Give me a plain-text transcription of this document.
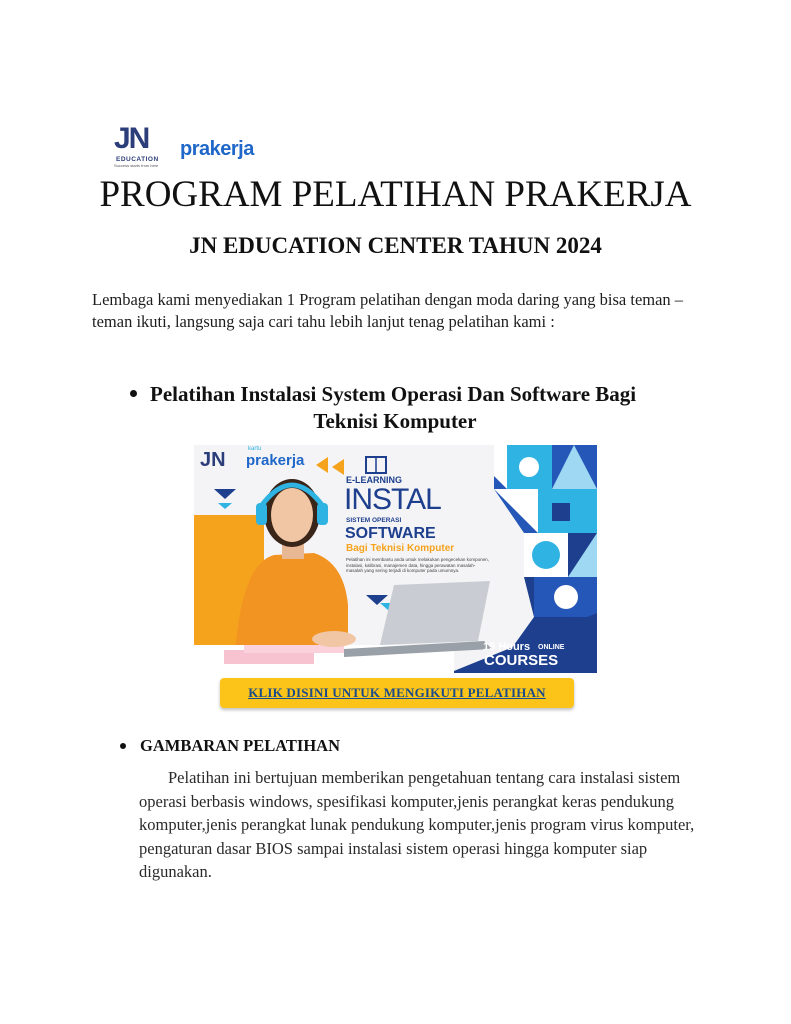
JN
EDUCATION
Success starts from here
prakerja
PROGRAM PELATIHAN PRAKERJA
JN EDUCATION CENTER TAHUN 2024
Lembaga kami menyediakan 1 Program pelatihan dengan moda daring yang bisa teman – teman ikuti, langsung saja cari tahu lebih lanjut tenag pelatihan kami :
Pelatihan Instalasi System Operasi Dan Software Bagi
Teknisi Komputer
JN	kartu
prakerja
E-LEARNING
INSTAL
SISTEM OPERASI
SOFTWARE
Bagi Teknisi Komputer
Pelatihan ini membantu anda untuk melakukan pengecekan komponen, instalasi, kalibrasi, manajemen data, hingga perawatan masalah-masalah yang sering terjadi di komputer pada umumnya.
15 Hours ONLINE
COURSES
KLIK DISINI UNTUK MENGIKUTI PELATIHAN
GAMBARAN PELATIHAN
Pelatihan ini bertujuan memberikan pengetahuan tentang cara instalasi sistem operasi berbasis windows, spesifikasi komputer,jenis perangkat keras pendukung komputer,jenis perangkat lunak pendukung komputer,jenis program virus komputer, pengaturan dasar BIOS sampai instalasi sistem operasi hingga komputer siap digunakan.
